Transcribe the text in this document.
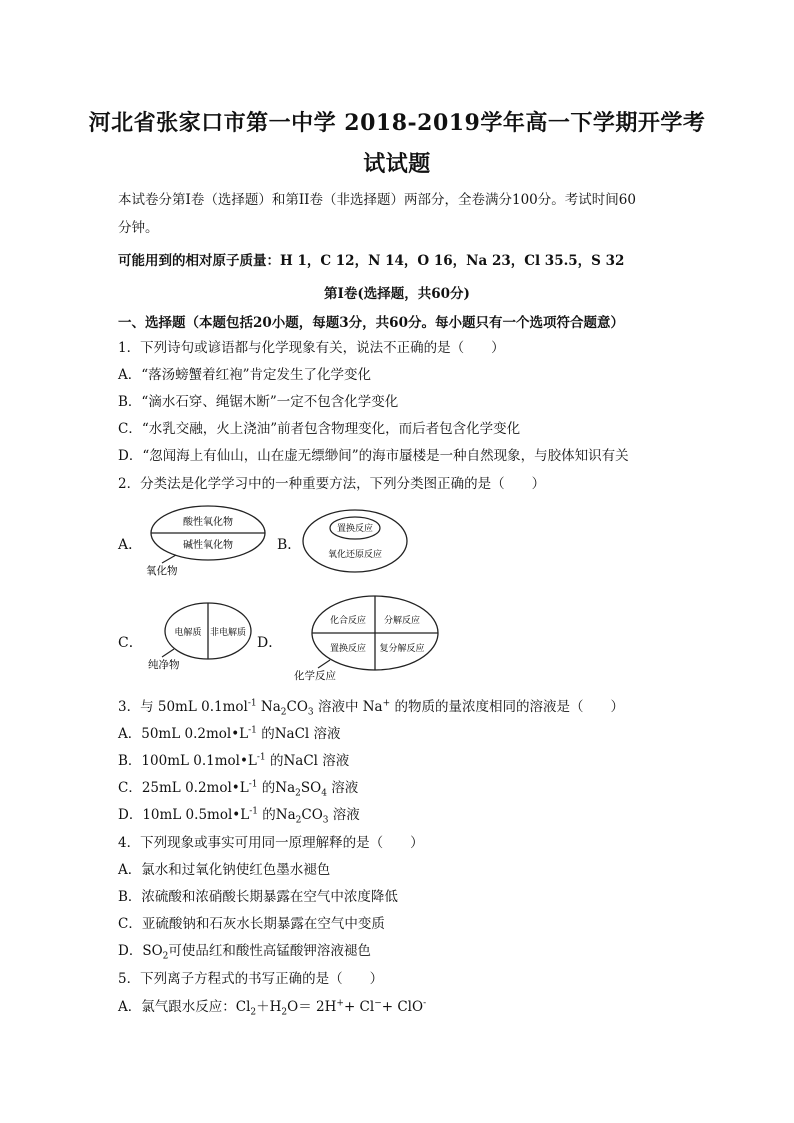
河北省张家口市第一中学 2018-2019学年高一下学期开学考
试试题
本试卷分第I卷（选择题）和第II卷（非选择题）两部分，全卷满分100分。考试时间60
分钟。
可能用到的相对原子质量：H 1，C 12，N 14，O 16，Na 23，Cl 35.5，S 32
第I卷(选择题，共60分)
一、选择题（本题包括20小题，每题3分，共60分。每小题只有一个选项符合题意）
1．下列诗句或谚语都与化学现象有关，说法不正确的是（　　）
A．“落汤螃蟹着红袍”肯定发生了化学变化
B．“滴水石穿、绳锯木断”一定不包含化学变化
C．“水乳交融，火上浇油”前者包含物理变化，而后者包含化学变化
D．“忽闻海上有仙山，山在虚无缥缈间”的海市蜃楼是一种自然现象，与胶体知识有关
2．分类法是化学学习中的一种重要方法，下列分类图正确的是（　　）
A．
酸性氧化物
碱性氧化物
氧化物
B．
置换反应
氧化还原反应
C．
电解质 非电解质
纯净物
D．
化合反应 分解反应
置换反应 复分解反应
化学反应
3．与 50mL 0.1mol$^{-1}$ $Na_2CO_3$ 溶液中 Na+ 的物质的量浓度相同的溶液是（　　）
A．50mL $0.2mol•L^{-1}$ 的NaCl 溶液
B．100mL $0.1mol•L^{-1}$ 的NaCl 溶液
C．25mL $0.2mol•L^{-1}$ 的$Na_2SO_4$ 溶液
D．10mL $0.5mol•L^{-1}$ 的$Na_2CO_3$ 溶液
4．下列现象或事实可用同一原理解释的是（　　）
A．氯水和过氧化钠使红色墨水褪色
B．浓硫酸和浓硝酸长期暴露在空气中浓度降低
C．亚硫酸钠和石灰水长期暴露在空气中变质
D．$SO_2$可使品红和酸性高锰酸钾溶液褪色
5．下列离子方程式的书写正确的是（　　）
A．氯气跟水反应：$Cl_2+H_2O= 2H^++ Cl^-+ ClO^-$
